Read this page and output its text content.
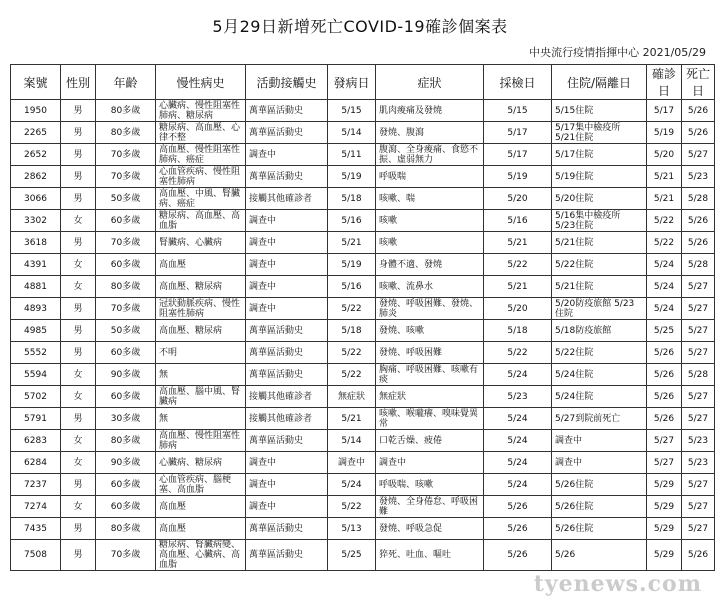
5月29日新增死亡COVID-19確診個案表
中央流行疫情指揮中心 2021/05/29
案號	性別	年齡	慢性病史	活動接觸史	發病日	症狀	採檢日	住院/隔離日	確診日	死亡日
1950	男	80多歲	心臟病、慢性阻塞性肺病、糖尿病	萬華區活動史	5/15	肌肉痠痛及發燒	5/15	5/15住院	5/17	5/26
2265	男	80多歲	糖尿病、高血壓、心律不整	萬華區活動史	5/14	發燒、腹瀉	5/17	5/17集中檢疫所 5/21住院	5/19	5/26
2652	男	70多歲	高血壓、慢性阻塞性肺病、癌症	調查中	5/11	腹瀉、全身痠痛、食慾不振、虛弱無力	5/17	5/17住院	5/20	5/27
2862	男	70多歲	心血管疾病、慢性阻塞性肺病	萬華區活動史	5/19	呼吸喘	5/19	5/19住院	5/21	5/23
3066	男	50多歲	高血壓、中風、腎臟病、癌症	接觸其他確診者	5/18	咳嗽、喘	5/20	5/20住院	5/21	5/28
3302	女	60多歲	糖尿病、高血壓、高血脂	調查中	5/16	咳嗽	5/16	5/16集中檢疫所 5/23住院	5/22	5/26
3618	男	70多歲	腎臟病、心臟病	調查中	5/21	咳嗽	5/21	5/21住院	5/22	5/26
4391	女	60多歲	高血壓	調查中	5/19	身體不適、發燒	5/22	5/22住院	5/24	5/28
4881	女	80多歲	高血壓、糖尿病	調查中	5/16	咳嗽、流鼻水	5/21	5/21住院	5/24	5/27
4893	男	70多歲	冠狀動脈疾病、慢性阻塞性肺病	調查中	5/22	發燒、呼吸困難、發燒、肺炎	5/20	5/20防疫旅館 5/23住院	5/24	5/27
4985	男	50多歲	高血壓、糖尿病	萬華區活動史	5/18	發燒、咳嗽	5/18	5/18防疫旅館	5/25	5/27
5552	男	60多歲	不明	萬華區活動史	5/22	發燒、呼吸困難	5/22	5/22住院	5/26	5/27
5594	女	90多歲	無	萬華區活動史	5/22	胸痛、呼吸困難、咳嗽有痰	5/24	5/24住院	5/26	5/28
5702	女	60多歲	高血壓、腦中風、腎臟病	接觸其他確診者	無症狀	無症狀	5/23	5/24住院	5/26	5/27
5791	男	30多歲	無	接觸其他確診者	5/21	咳嗽、喉嚨癢、嗅味覺異常	5/24	5/27到院前死亡	5/26	5/27
6283	女	80多歲	高血壓、慢性阻塞性肺病	萬華區活動史	5/14	口乾舌燥、疲倦	5/24	調查中	5/27	5/23
6284	女	90多歲	心臟病、糖尿病	調查中	調查中	調查中	5/24	調查中	5/27	5/23
7237	男	60多歲	心血管疾病、腦梗塞、高血脂	調查中	5/24	呼吸喘、咳嗽	5/24	5/26住院	5/29	5/27
7274	女	60多歲	高血壓	調查中	5/22	發燒、全身倦怠、呼吸困難	5/26	5/26住院	5/29	5/27
7435	男	80多歲	高血壓	萬華區活動史	5/13	發燒、呼吸急促	5/26	5/26住院	5/29	5/27
7508	男	70多歲	糖尿病、腎臟病變、高血壓、心臟病、高血脂	萬華區活動史	5/25	猝死、吐血、嘔吐	5/26	5/26	5/29	5/26
tyenews.com
